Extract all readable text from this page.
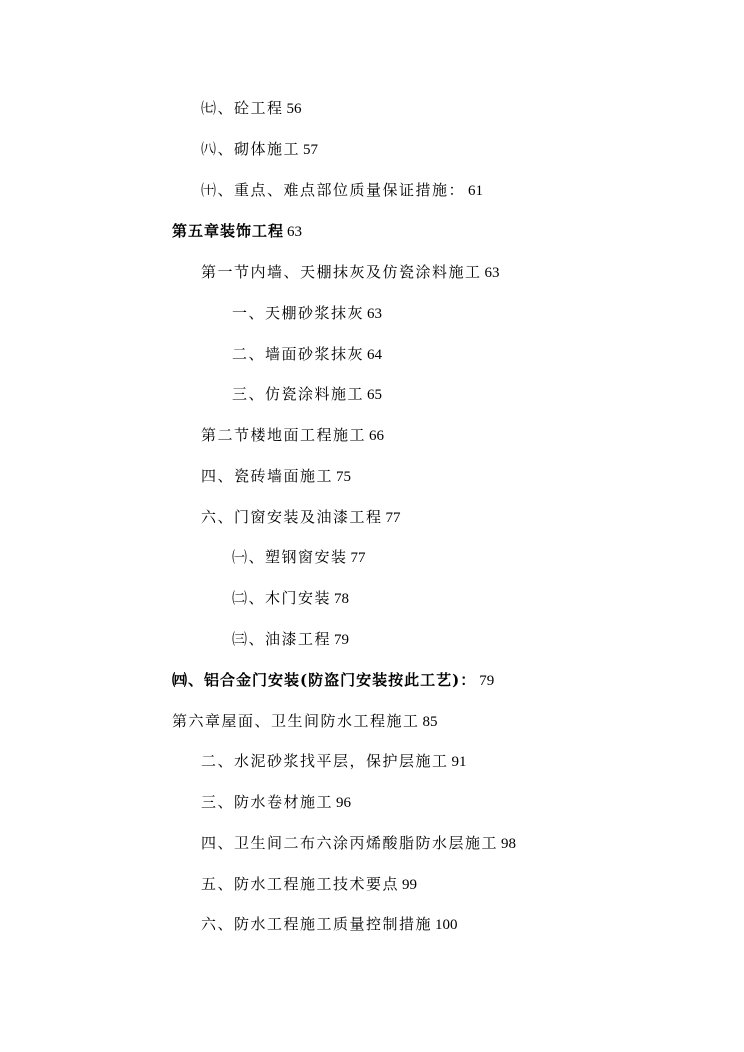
㈦、砼工程 56
㈧、砌体施工 57
㈩、重点、难点部位质量保证措施： 61
第五章装饰工程 63
第一节内墙、天棚抹灰及仿瓷涂料施工 63
一、天棚砂浆抹灰 63
二、墙面砂浆抹灰 64
三、仿瓷涂料施工 65
第二节楼地面工程施工 66
四、瓷砖墙面施工 75
六、门窗安装及油漆工程 77
㈠、塑钢窗安装 77
㈡、木门安装 78
㈢、油漆工程 79
㈣、铝合金门安装(防盗门安装按此工艺)： 79
第六章屋面、卫生间防水工程施工 85
二、水泥砂浆找平层，保护层施工 91
三、防水卷材施工 96
四、卫生间二布六涂丙烯酸脂防水层施工 98
五、防水工程施工技术要点 99
六、防水工程施工质量控制措施 100
